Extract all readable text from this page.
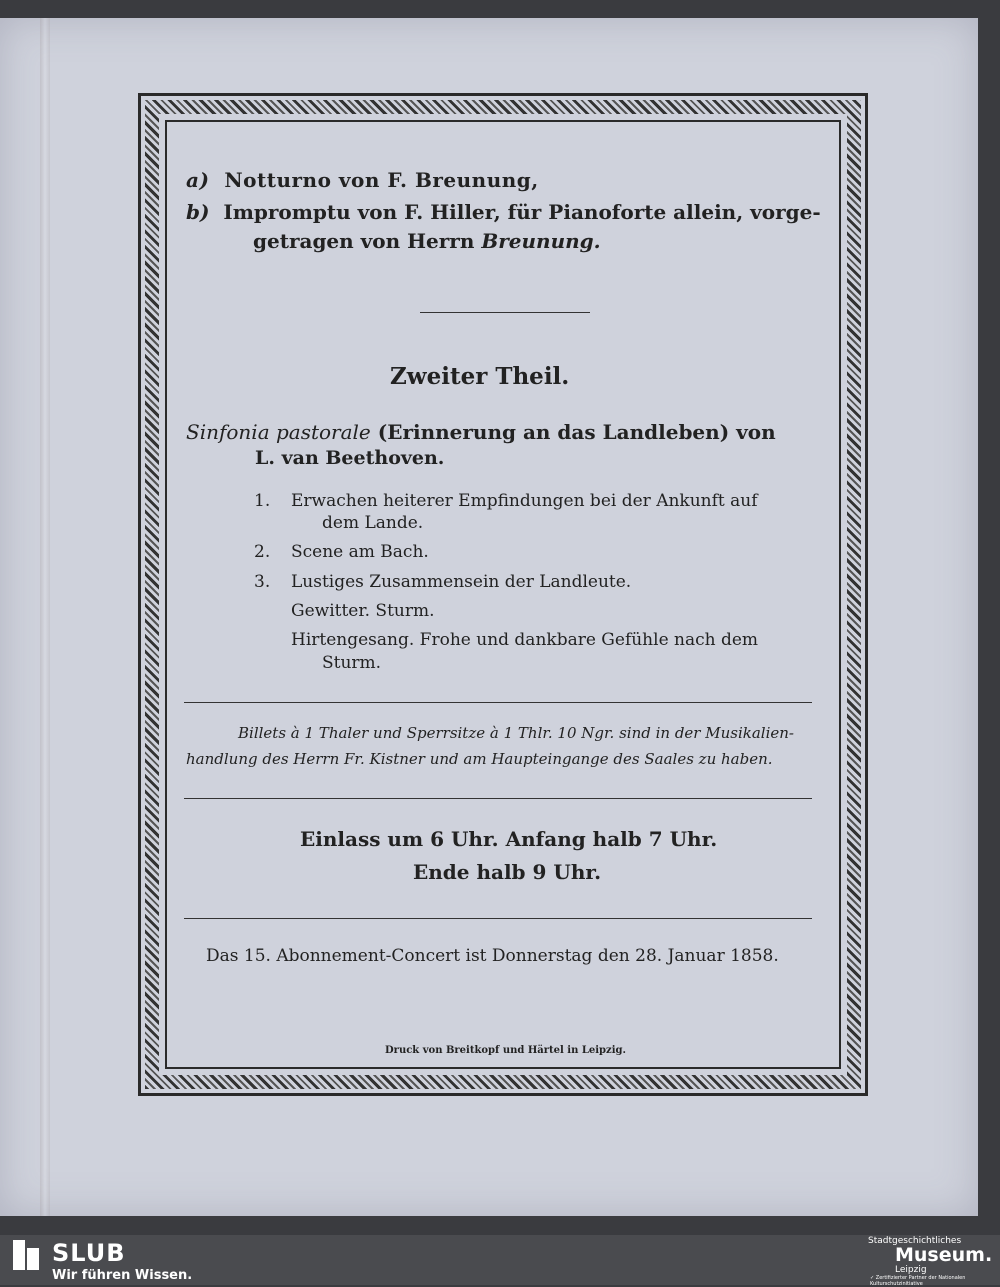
a) Notturno von F. Breunung,
b) Impromptu von F. Hiller, für Pianoforte allein, vorge-
getragen von Herrn Breunung.
Zweiter Theil.
Sinfonia pastorale (Erinnerung an das Landleben) von
L. van Beethoven.
1. Erwachen heiterer Empfindungen bei der Ankunft auf
dem Lande.
2. Scene am Bach.
3. Lustiges Zusammensein der Landleute.
Gewitter. Sturm.
Hirtengesang. Frohe und dankbare Gefühle nach dem
Sturm.
Billets à 1 Thaler und Sperrsitze à 1 Thlr. 10 Ngr. sind in der Musikalien-
handlung des Herrn Fr. Kistner und am Haupteingange des Saales zu haben.
Einlass um 6 Uhr. Anfang halb 7 Uhr.
Ende halb 9 Uhr.
Das 15. Abonnement-Concert ist Donnerstag den 28. Januar 1858.
Druck von Breitkopf und Härtel in Leipzig.
SLUB
Wir führen Wissen.
Stadtgeschichtliches
Museum.
Leipzig
✓ Zertifizierter Partner der Nationalen Kulturschutzinitiative
